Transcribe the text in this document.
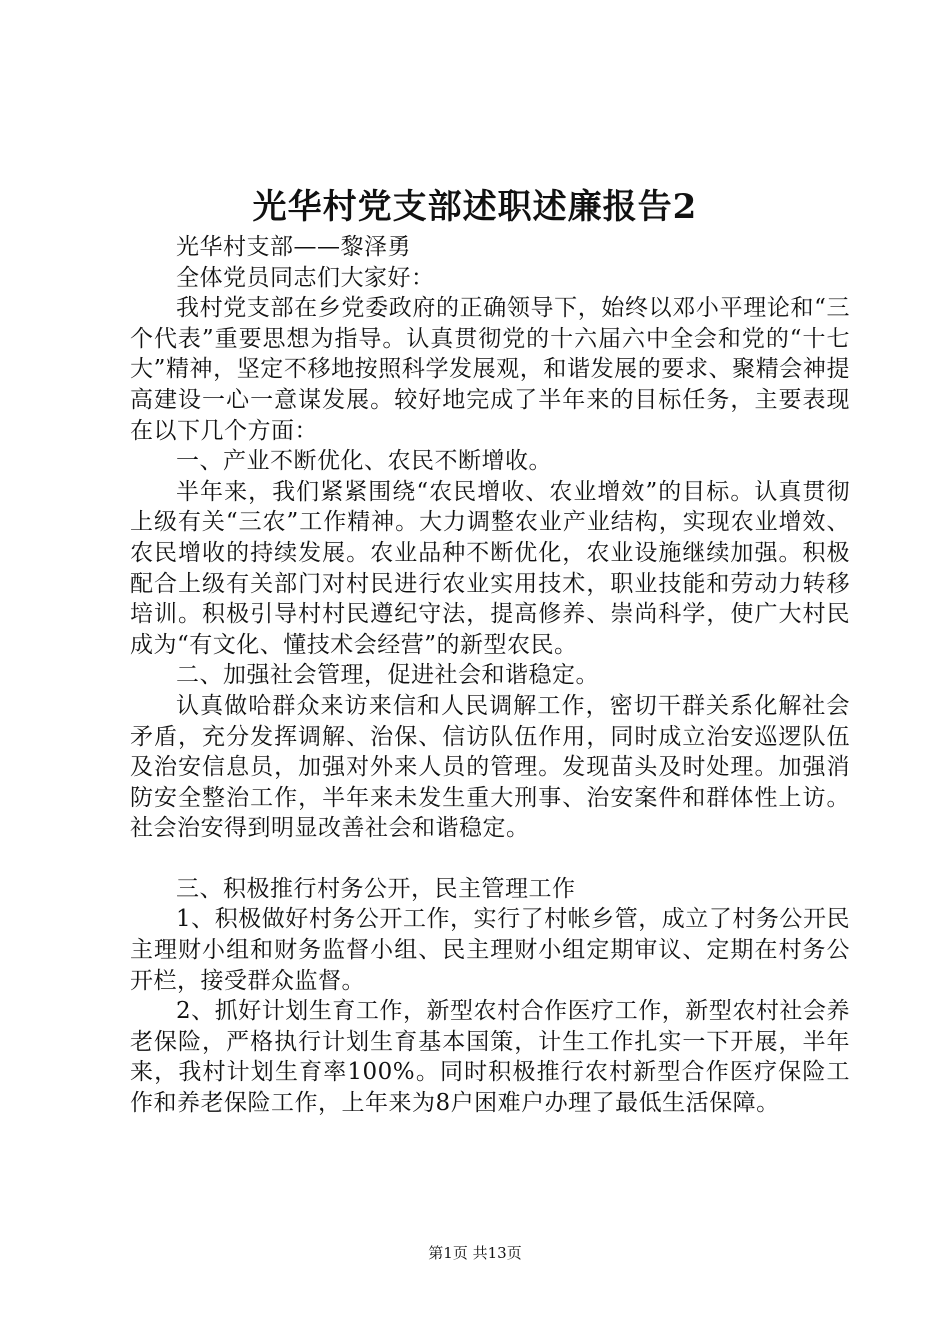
光华村党支部述职述廉报告2

光华村支部——黎泽勇

全体党员同志们大家好：

我村党支部在乡党委政府的正确领导下，始终以邓小平理论和“三个代表”重要思想为指导。认真贯彻党的十六届六中全会和党的“十七大”精神，坚定不移地按照科学发展观，和谐发展的要求、聚精会神提高建设一心一意谋发展。较好地完成了半年来的目标任务，主要表现在以下几个方面：

一、产业不断优化、农民不断增收。

半年来，我们紧紧围绕“农民增收、农业增效”的目标。认真贯彻上级有关“三农”工作精神。大力调整农业产业结构，实现农业增效、农民增收的持续发展。农业品种不断优化，农业设施继续加强。积极配合上级有关部门对村民进行农业实用技术，职业技能和劳动力转移培训。积极引导村村民遵纪守法，提高修养、崇尚科学，使广大村民成为“有文化、懂技术会经营”的新型农民。

二、加强社会管理，促进社会和谐稳定。

认真做哈群众来访来信和人民调解工作，密切干群关系化解社会矛盾，充分发挥调解、治保、信访队伍作用，同时成立治安巡逻队伍及治安信息员，加强对外来人员的管理。发现苗头及时处理。加强消防安全整治工作，半年来未发生重大刑事、治安案件和群体性上访。社会治安得到明显改善社会和谐稳定。

三、积极推行村务公开，民主管理工作

1、积极做好村务公开工作，实行了村帐乡管，成立了村务公开民主理财小组和财务监督小组、民主理财小组定期审议、定期在村务公开栏，接受群众监督。

2、抓好计划生育工作，新型农村合作医疗工作，新型农村社会养老保险，严格执行计划生育基本国策，计生工作扎实一下开展，半年来，我村计划生育率100%。同时积极推行农村新型合作医疗保险工作和养老保险工作，上年来为8户困难户办理了最低生活保障。

第1页 共13页
